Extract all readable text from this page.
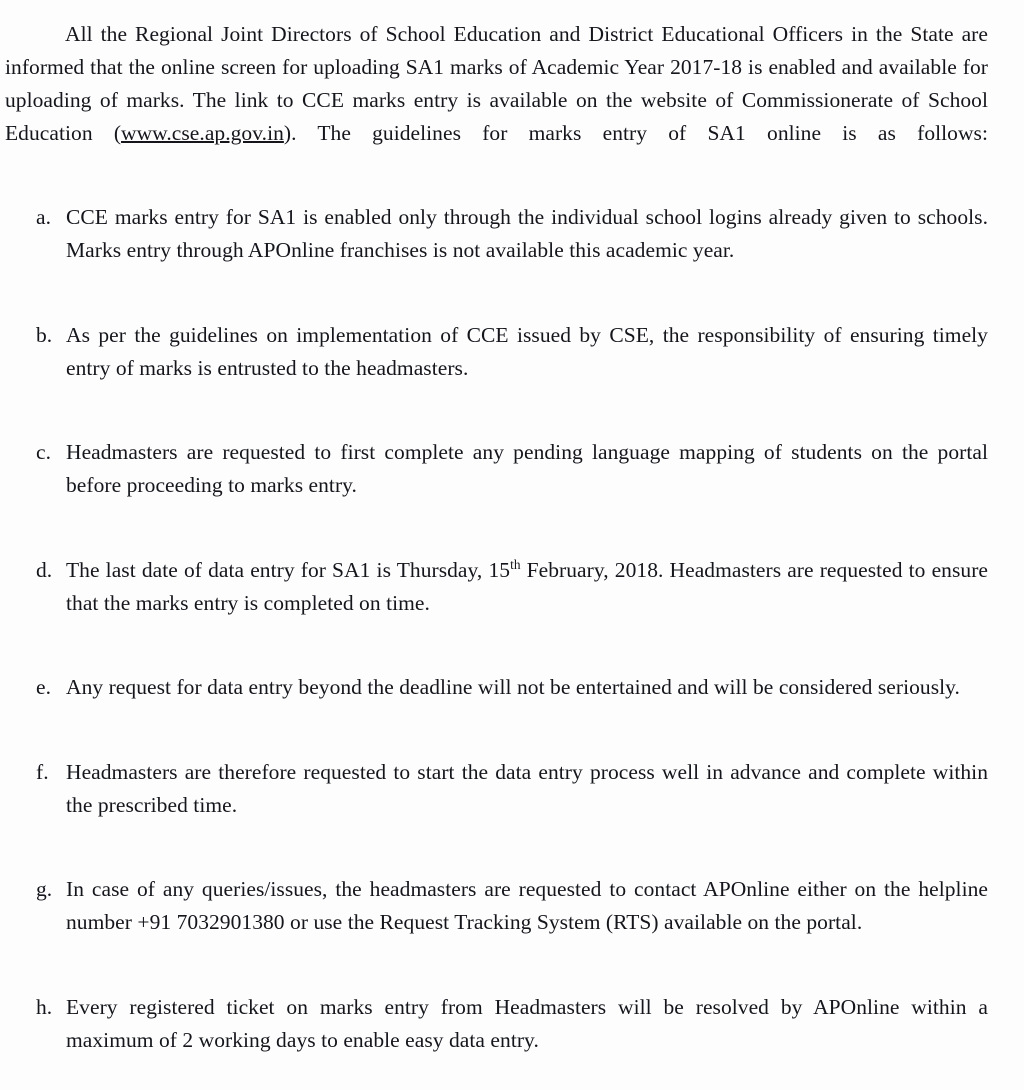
All the Regional Joint Directors of School Education and District Educational Officers in the State are informed that the online screen for uploading SA1 marks of Academic Year 2017-18 is enabled and available for uploading of marks. The link to CCE marks entry is available on the website of Commissionerate of School Education (www.cse.ap.gov.in). The guidelines for marks entry of SA1 online is as follows:

a. CCE marks entry for SA1 is enabled only through the individual school logins already given to schools. Marks entry through APOnline franchises is not available this academic year.
b. As per the guidelines on implementation of CCE issued by CSE, the responsibility of ensuring timely entry of marks is entrusted to the headmasters.
c. Headmasters are requested to first complete any pending language mapping of students on the portal before proceeding to marks entry.
d. The last date of data entry for SA1 is Thursday, 15th February, 2018. Headmasters are requested to ensure that the marks entry is completed on time.
e. Any request for data entry beyond the deadline will not be entertained and will be considered seriously.
f. Headmasters are therefore requested to start the data entry process well in advance and complete within the prescribed time.
g. In case of any queries/issues, the headmasters are requested to contact APOnline either on the helpline number +91 7032901380 or use the Request Tracking System (RTS) available on the portal.
h. Every registered ticket on marks entry from Headmasters will be resolved by APOnline within a maximum of 2 working days to enable easy data entry.
